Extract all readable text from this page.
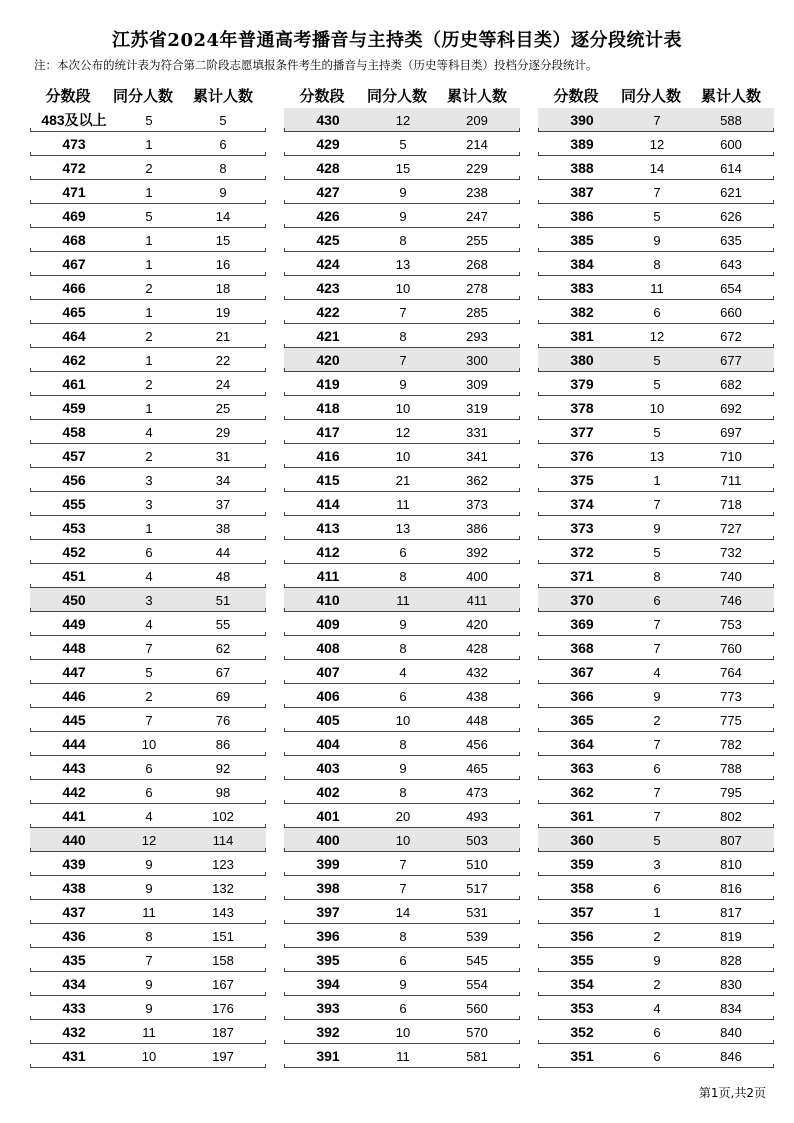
江苏省2024年普通高考播音与主持类（历史等科目类）逐分段统计表
注：本次公布的统计表为符合第二阶段志愿填报条件考生的播音与主持类（历史等科目类）投档分逐分段统计。
分数段	同分人数	累计人数
483及以上	5	5
473	1	6
472	2	8
471	1	9
469	5	14
468	1	15
467	1	16
466	2	18
465	1	19
464	2	21
462	1	22
461	2	24
459	1	25
458	4	29
457	2	31
456	3	34
455	3	37
453	1	38
452	6	44
451	4	48
450	3	51
449	4	55
448	7	62
447	5	67
446	2	69
445	7	76
444	10	86
443	6	92
442	6	98
441	4	102
440	12	114
439	9	123
438	9	132
437	11	143
436	8	151
435	7	158
434	9	167
433	9	176
432	11	187
431	10	197
分数段	同分人数	累计人数
430	12	209
429	5	214
428	15	229
427	9	238
426	9	247
425	8	255
424	13	268
423	10	278
422	7	285
421	8	293
420	7	300
419	9	309
418	10	319
417	12	331
416	10	341
415	21	362
414	11	373
413	13	386
412	6	392
411	8	400
410	11	411
409	9	420
408	8	428
407	4	432
406	6	438
405	10	448
404	8	456
403	9	465
402	8	473
401	20	493
400	10	503
399	7	510
398	7	517
397	14	531
396	8	539
395	6	545
394	9	554
393	6	560
392	10	570
391	11	581
分数段	同分人数	累计人数
390	7	588
389	12	600
388	14	614
387	7	621
386	5	626
385	9	635
384	8	643
383	11	654
382	6	660
381	12	672
380	5	677
379	5	682
378	10	692
377	5	697
376	13	710
375	1	711
374	7	718
373	9	727
372	5	732
371	8	740
370	6	746
369	7	753
368	7	760
367	4	764
366	9	773
365	2	775
364	7	782
363	6	788
362	7	795
361	7	802
360	5	807
359	3	810
358	6	816
357	1	817
356	2	819
355	9	828
354	2	830
353	4	834
352	6	840
351	6	846
第1页,共2页
